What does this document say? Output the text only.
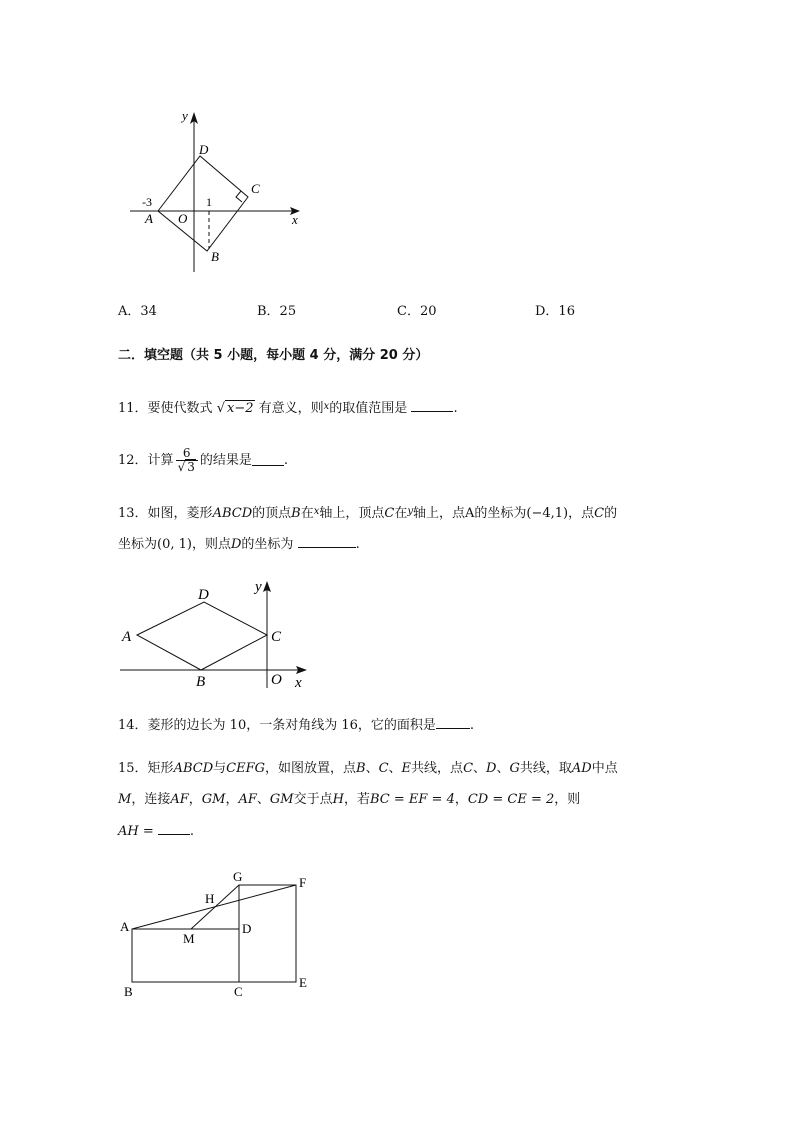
y
x
D
C
-3	1
A O
B
A．34	B．25	C．20	D．16
二．填空题（共 5 小题，每小题 4 分，满分 20 分）
11．要使代数式 √ x−2 有意义，则$^x$的取值范围是	.
12．计算 $\frac{6}{√ 3}$ 的结果是 .
13．如图，菱形ABCD的顶点B在$^x$轴上，顶点C在$^y$轴上，点A的坐标为(−4,1)，点C的
坐标为(0, 1)，则点D的坐标为	.
D
A	C
B	O x
y
14．菱形的边长为 10，一条对角线为 16，它的面积是	.
15．矩形ABCD与CEFG，如图放置，点B、C、E共线，点C、D、G共线，取AD中点
M，连接AF，GM，AF、GM交于点H，若BC = EF = 4，CD = CE = 2，则
AH =	.
G	F
H
A
M
D
B	C
E
